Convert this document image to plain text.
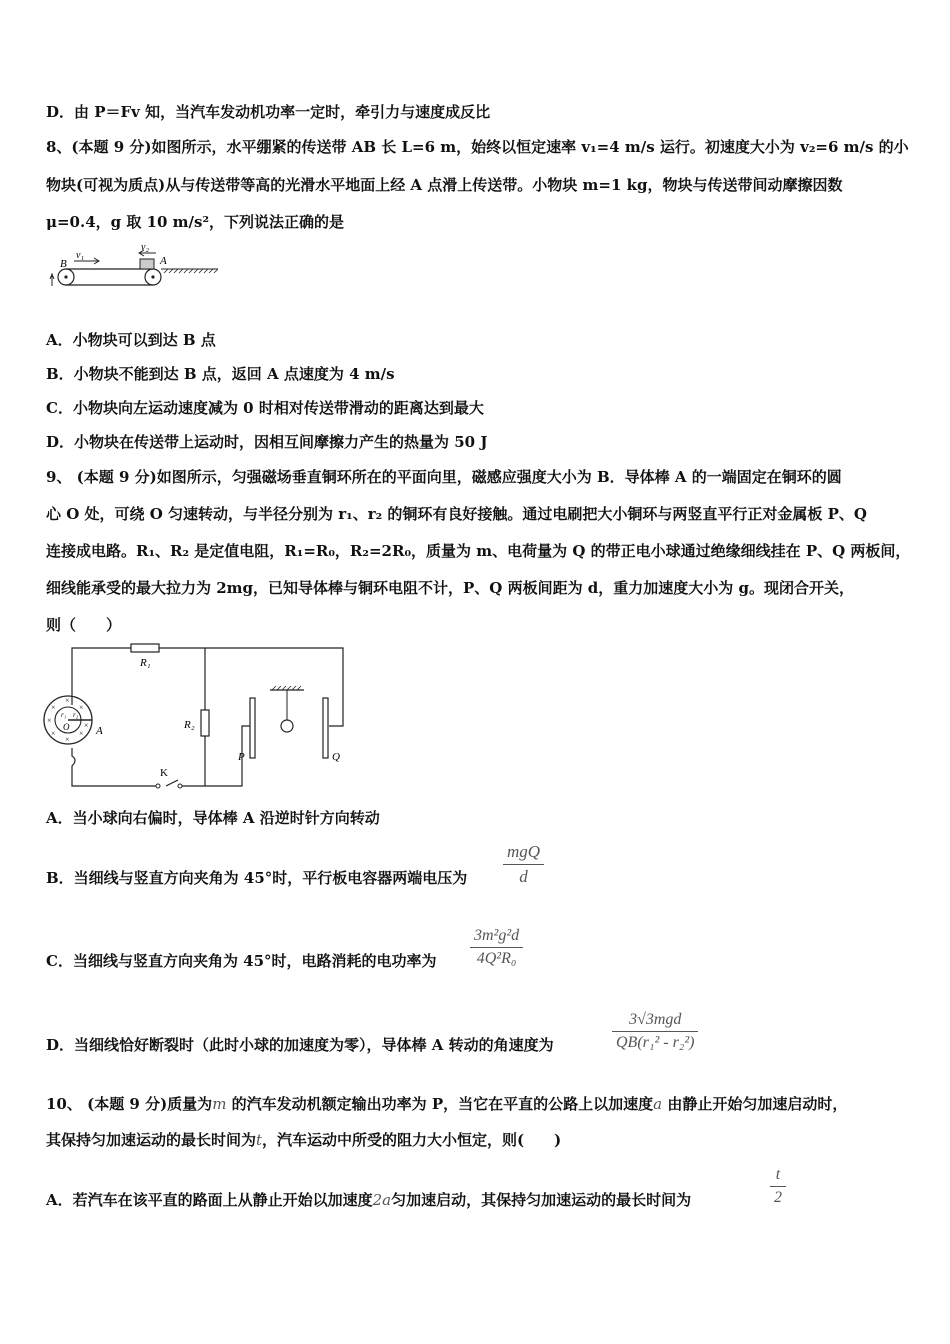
D．由 P＝Fv 知，当汽车发动机功率一定时，牵引力与速度成反比
8、(本题 9 分)如图所示，水平绷紧的传送带 AB 长 L=6 m，始终以恒定速率 v₁=4 m/s 运行。初速度大小为 v₂=6 m/s 的小
物块(可视为质点)从与传送带等高的光滑水平地面上经 A 点滑上传送带。小物块 m=1 kg，物块与传送带间动摩擦因数
μ=0.4，g 取 10 m/s²，下列说法正确的是
B
v₁
v₂
A
A．小物块可以到达 B 点
B．小物块不能到达 B 点，返回 A 点速度为 4 m/s
C．小物块向左运动速度减为 0 时相对传送带滑动的距离达到最大
D．小物块在传送带上运动时，因相互间摩擦力产生的热量为 50 J
9、 (本题 9 分)如图所示，匀强磁场垂直铜环所在的平面向里，磁感应强度大小为 B．导体棒 A 的一端固定在铜环的圆
心 O 处，可绕 O 匀速转动，与半径分别为 r₁、r₂ 的铜环有良好接触。通过电刷把大小铜环与两竖直平行正对金属板 P、Q
连接成电路。R₁、R₂ 是定值电阻，R₁=R₀，R₂=2R₀，质量为 m、电荷量为 Q 的带正电小球通过绝缘细线挂在 P、Q 两板间，
细线能承受的最大拉力为 2mg，已知导体棒与铜环电阻不计，P、Q 两板间距为 d，重力加速度大小为 g。现闭合开关，
则（　　）
R₁
R₂
K
P	Q
×
×
×
×
×
×
×
× A
O
r₁ r₂
A．当小球向右偏时，导体棒 A 沿逆时针方向转动
B．当细线与竖直方向夹角为 45°时，平行板电容器两端电压为
mgQ
d
C．当细线与竖直方向夹角为 45°时，电路消耗的电功率为
3m²g²d
4Q²R₀
D．当细线恰好断裂时（此时小球的加速度为零），导体棒 A 转动的角速度为
3√3mgd
QB(r₁² - r₂²)
10、 (本题 9 分)质量为m 的汽车发动机额定输出功率为 P，当它在平直的公路上以加速度a 由静止开始匀加速启动时，
其保持匀加速运动的最长时间为t，汽车运动中所受的阻力大小恒定，则(　　)
A．若汽车在该平直的路面上从静止开始以加速度2a匀加速启动，其保持匀加速运动的最长时间为
t
2
